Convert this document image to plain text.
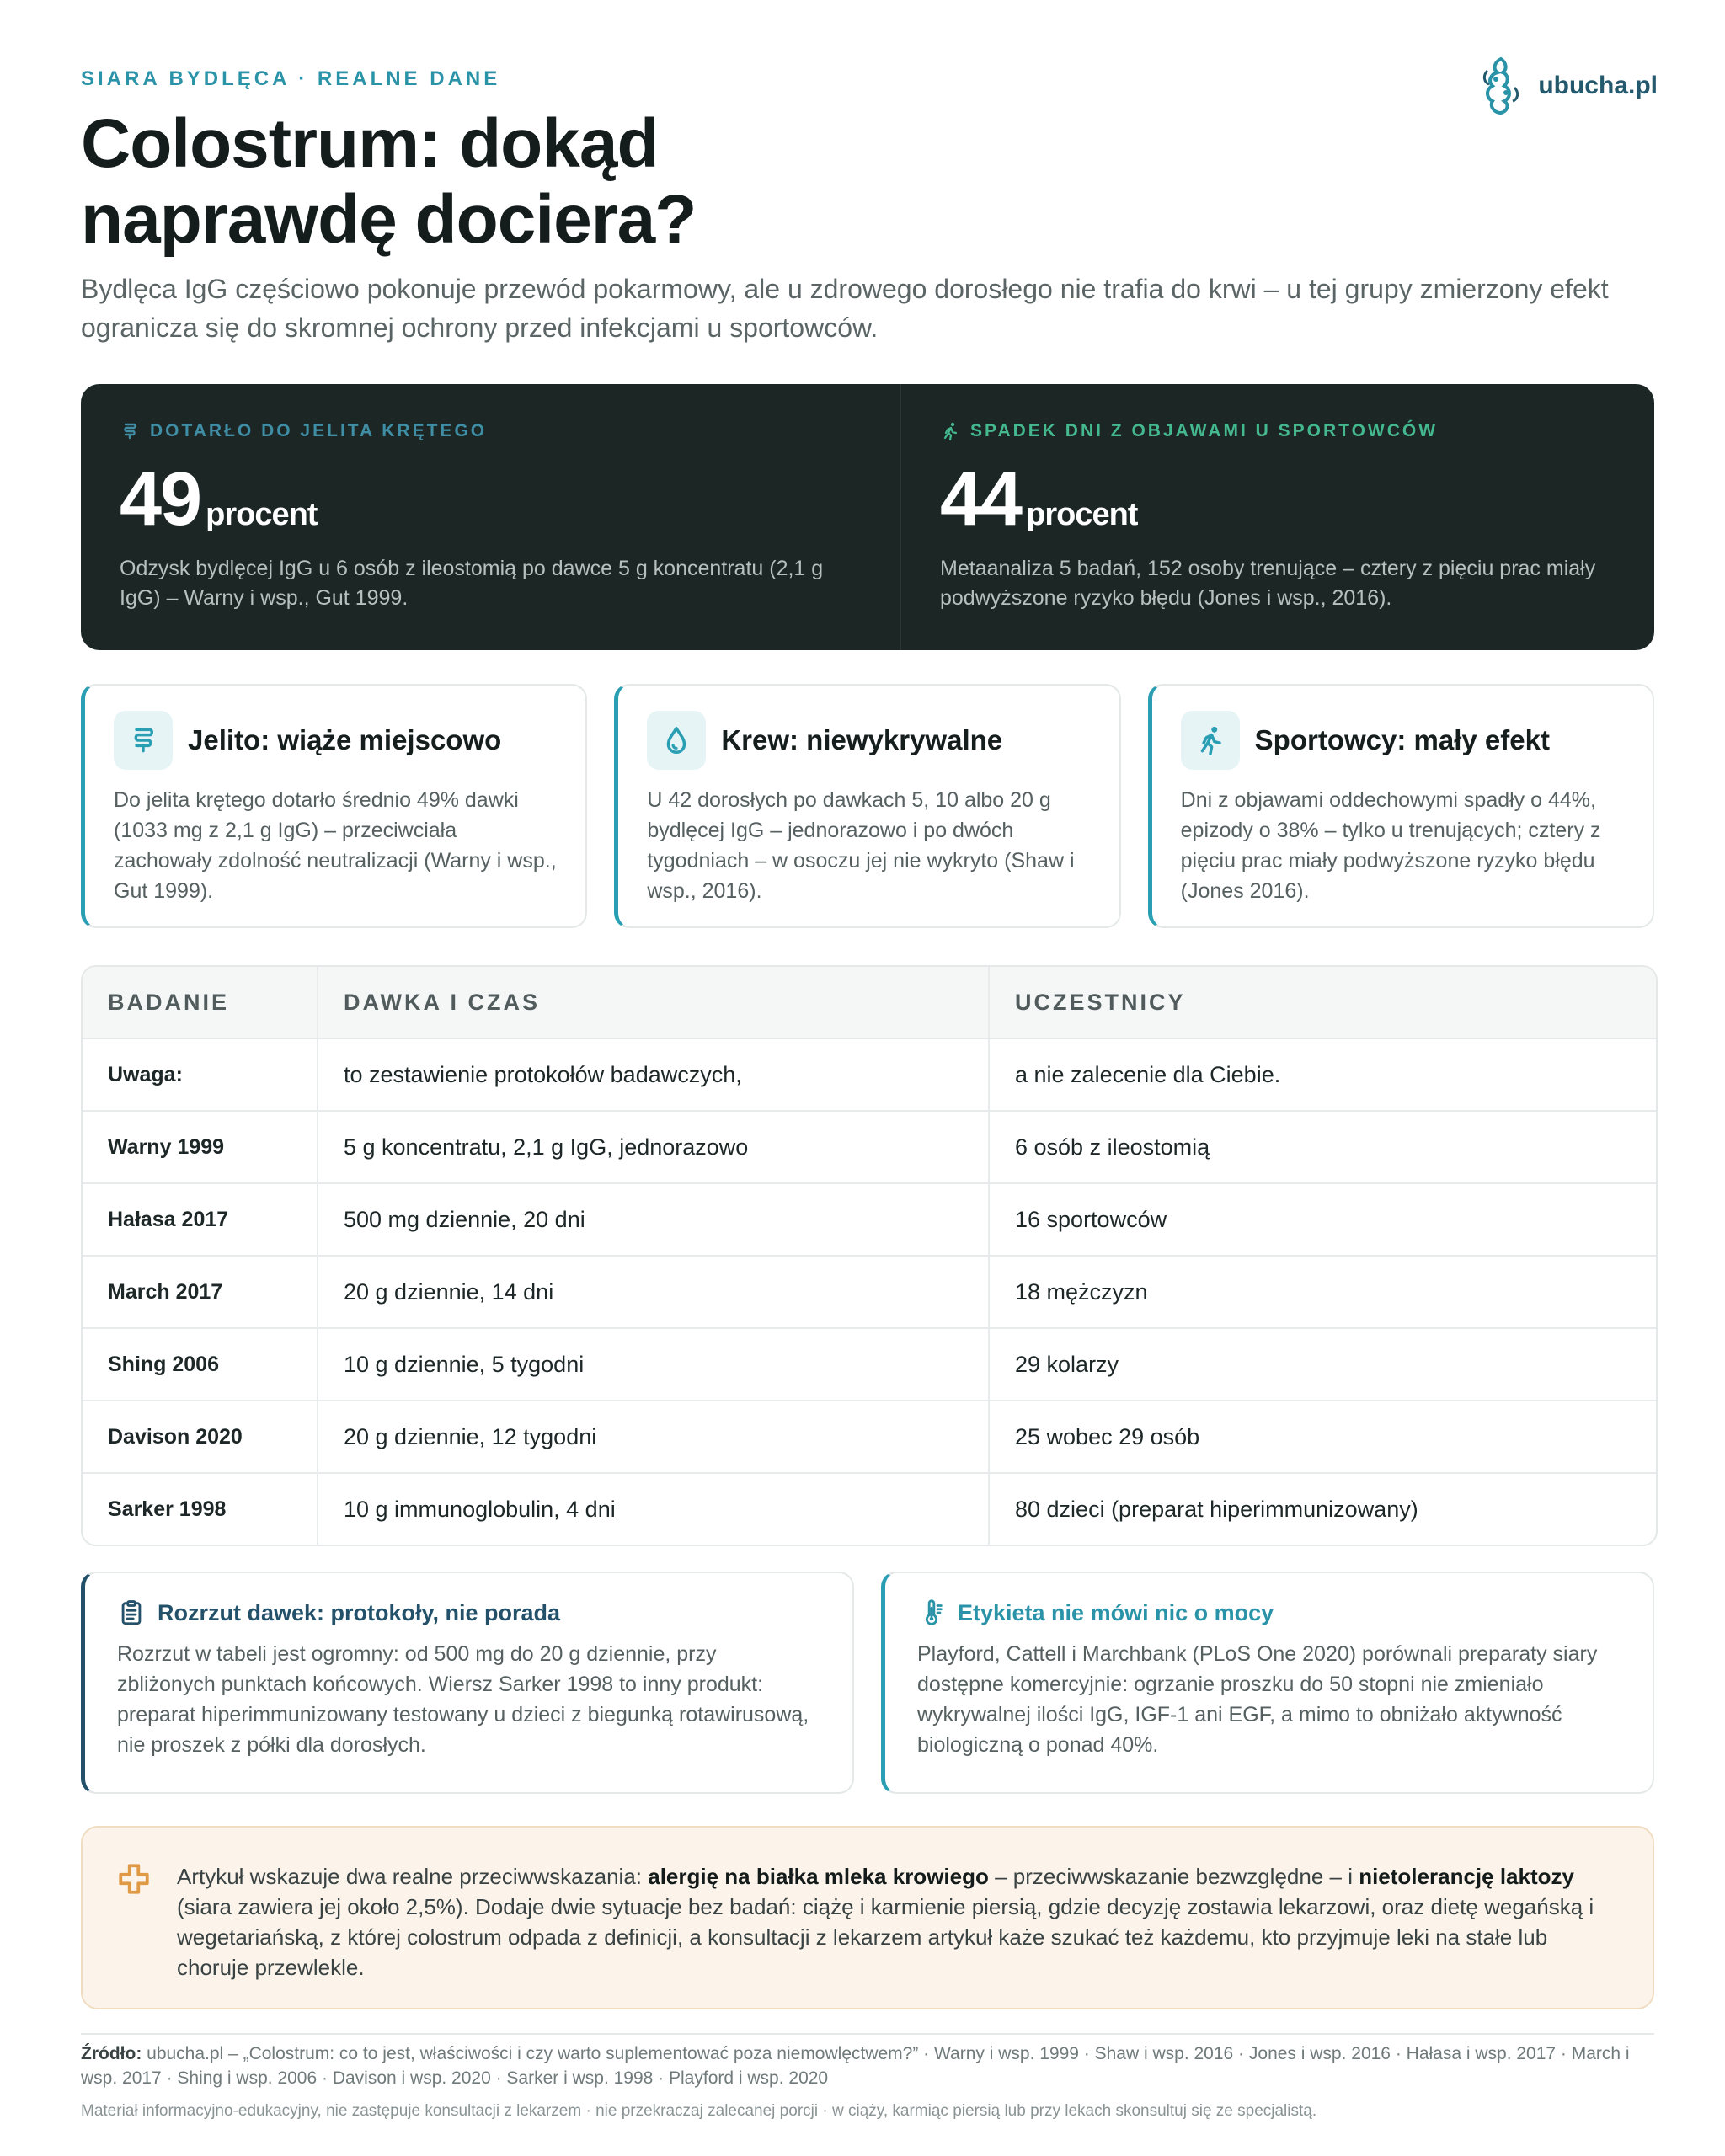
SIARA BYDLĘCA · REALNE DANE	ubucha.pl
Colostrum: dokąd
naprawdę dociera?

Bydlęca IgG częściowo pokonuje przewód pokarmowy, ale u zdrowego dorosłego nie trafia do krwi – u tej grupy zmierzony efekt ogranicza się do skromnej ochrony przed infekcjami u sportowców.

DOTARŁO DO JELITA KRĘTEGO
49 procent
Odzysk bydlęcej IgG u 6 osób z ileostomią po dawce 5 g koncentratu (2,1 g IgG) – Warny i wsp., Gut 1999.
SPADEK DNI Z OBJAWAMI U SPORTOWCÓW
44 procent
Metaanaliza 5 badań, 152 osoby trenujące – cztery z pięciu prac miały podwyższone ryzyko błędu (Jones i wsp., 2016).
Jelito: wiąże miejscowo
Do jelita krętego dotarło średnio 49% dawki (1033 mg z 2,1 g IgG) – przeciwciała zachowały zdolność neutralizacji (Warny i wsp., Gut 1999).
Krew: niewykrywalne
U 42 dorosłych po dawkach 5, 10 albo 20 g bydlęcej IgG – jednorazowo i po dwóch tygodniach – w osoczu jej nie wykryto (Shaw i wsp., 2016).
Sportowcy: mały efekt
Dni z objawami oddechowymi spadły o 44%, epizody o 38% – tylko u trenujących; cztery z pięciu prac miały podwyższone ryzyko błędu (Jones 2016).
BADANIE	DAWKA I CZAS	UCZESTNICY
Uwaga:	to zestawienie protokołów badawczych,	a nie zalecenie dla Ciebie.
Warny 1999	5 g koncentratu, 2,1 g IgG, jednorazowo	6 osób z ileostomią
Hałasa 2017	500 mg dziennie, 20 dni	16 sportowców
March 2017	20 g dziennie, 14 dni	18 mężczyzn
Shing 2006	10 g dziennie, 5 tygodni	29 kolarzy
Davison 2020	20 g dziennie, 12 tygodni	25 wobec 29 osób
Sarker 1998	10 g immunoglobulin, 4 dni	80 dzieci (preparat hiperimmunizowany)
Rozrzut dawek: protokoły, nie porada
Rozrzut w tabeli jest ogromny: od 500 mg do 20 g dziennie, przy zbliżonych punktach końcowych. Wiersz Sarker 1998 to inny produkt: preparat hiperimmunizowany testowany u dzieci z biegunką rotawirusową, nie proszek z półki dla dorosłych.
Etykieta nie mówi nic o mocy
Playford, Cattell i Marchbank (PLoS One 2020) porównali preparaty siary dostępne komercyjnie: ogrzanie proszku do 50 stopni nie zmieniało wykrywalnej ilości IgG, IGF-1 ani EGF, a mimo to obniżało aktywność biologiczną o ponad 40%.
Artykuł wskazuje dwa realne przeciwwskazania: alergię na białka mleka krowiego – przeciwwskazanie bezwzględne – i nietolerancję laktozy (siara zawiera jej około 2,5%). Dodaje dwie sytuacje bez badań: ciążę i karmienie piersią, gdzie decyzję zostawia lekarzowi, oraz dietę wegańską i wegetariańską, z której colostrum odpada z definicji, a konsultacji z lekarzem artykuł każe szukać też każdemu, kto przyjmuje leki na stałe lub choruje przewlekle.
Źródło: ubucha.pl – „Colostrum: co to jest, właściwości i czy warto suplementować poza niemowlęctwem?” · Warny i wsp. 1999 · Shaw i wsp. 2016 · Jones i wsp. 2016 · Hałasa i wsp. 2017 · March i wsp. 2017 · Shing i wsp. 2006 · Davison i wsp. 2020 · Sarker i wsp. 1998 · Playford i wsp. 2020
Materiał informacyjno-edukacyjny, nie zastępuje konsultacji z lekarzem · nie przekraczaj zalecanej porcji · w ciąży, karmiąc piersią lub przy lekach skonsultuj się ze specjalistą.
